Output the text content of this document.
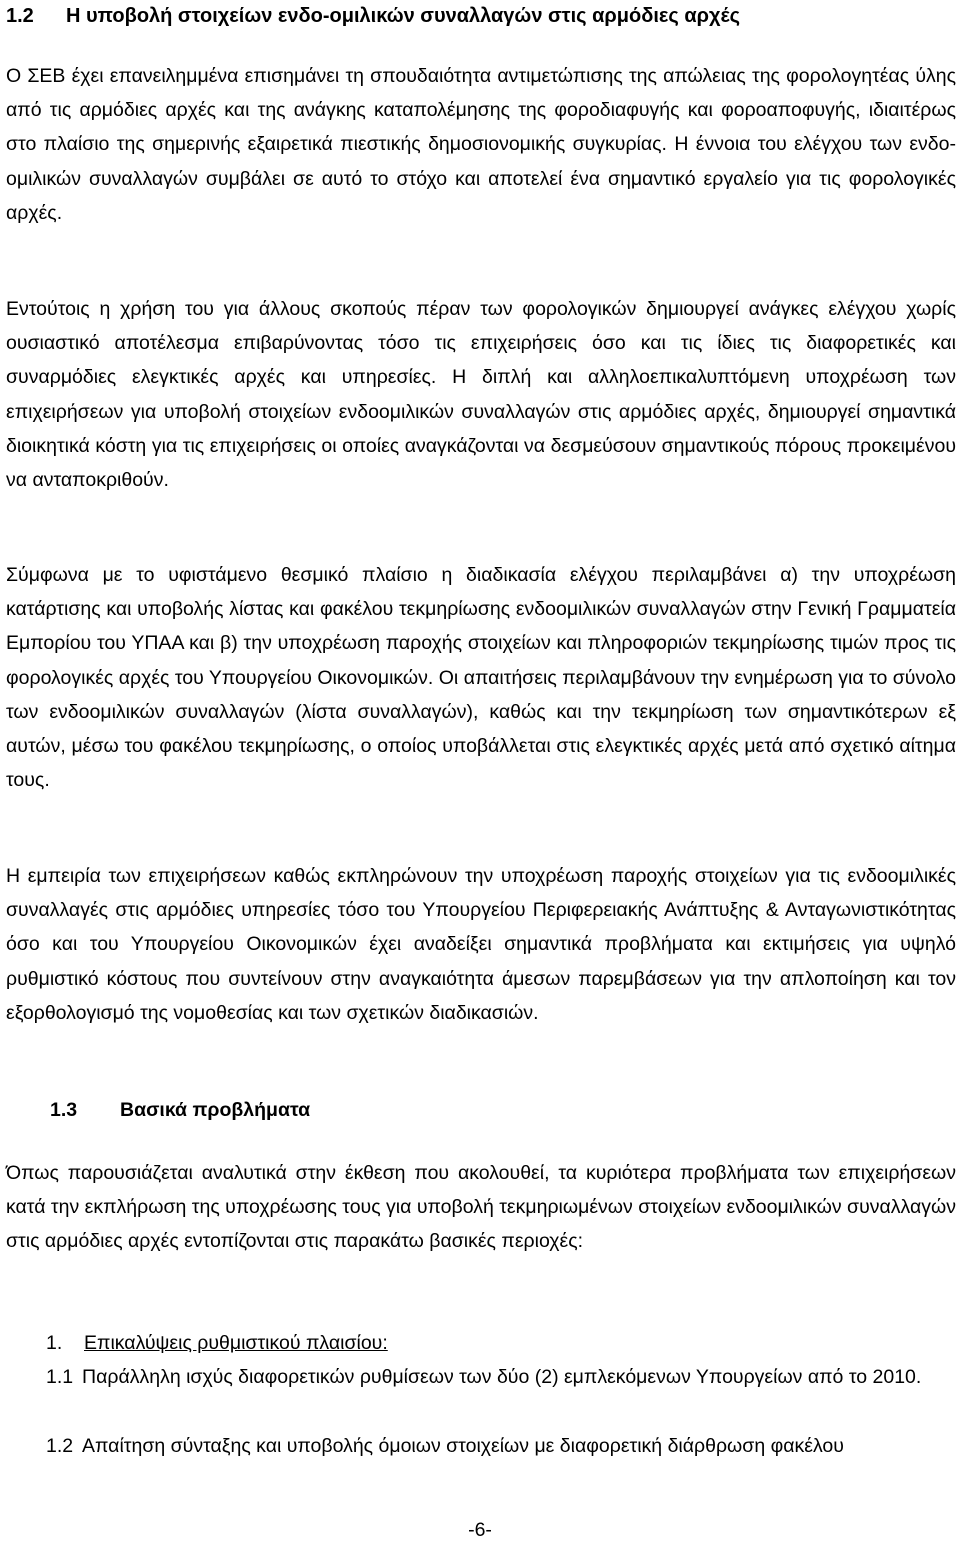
1.2 Η υποβολή στοιχείων ενδο-ομιλικών συναλλαγών στις αρμόδιες αρχές

Ο ΣΕΒ έχει επανειλημμένα επισημάνει τη σπουδαιότητα αντιμετώπισης της απώλειας της φορολογητέας ύλης από τις αρμόδιες αρχές και της ανάγκης καταπολέμησης της φοροδιαφυγής και φοροαποφυγής, ιδιαιτέρως στο πλαίσιο της σημερινής εξαιρετικά πιεστικής δημοσιονομικής συγκυρίας. Η έννοια του ελέγχου των ενδο-ομιλικών συναλλαγών συμβάλει σε αυτό το στόχο και αποτελεί ένα σημαντικό εργαλείο για τις φορολογικές αρχές.

Εντούτοις η χρήση του για άλλους σκοπούς πέραν των φορολογικών δημιουργεί ανάγκες ελέγχου χωρίς ουσιαστικό αποτέλεσμα επιβαρύνοντας τόσο τις επιχειρήσεις όσο και τις ίδιες τις διαφορετικές και συναρμόδιες ελεγκτικές αρχές και υπηρεσίες. Η διπλή και αλληλοεπικαλυπτόμενη υποχρέωση των επιχειρήσεων για υποβολή στοιχείων ενδοομιλικών συναλλαγών στις αρμόδιες αρχές, δημιουργεί σημαντικά διοικητικά κόστη για τις επιχειρήσεις οι οποίες αναγκάζονται να δεσμεύσουν σημαντικούς πόρους προκειμένου να ανταποκριθούν.

Σύμφωνα με το υφιστάμενο θεσμικό πλαίσιο η διαδικασία ελέγχου περιλαμβάνει α) την υποχρέωση κατάρτισης και υποβολής λίστας και φακέλου τεκμηρίωσης ενδοομιλικών συναλλαγών στην Γενική Γραμματεία Εμπορίου του ΥΠΑΑ και β) την υποχρέωση παροχής στοιχείων και πληροφοριών τεκμηρίωσης τιμών προς τις φορολογικές αρχές του Υπουργείου Οικονομικών. Οι απαιτήσεις περιλαμβάνουν την ενημέρωση για το σύνολο των ενδοομιλικών συναλλαγών (λίστα συναλλαγών), καθώς και την τεκμηρίωση των σημαντικότερων εξ αυτών, μέσω του φακέλου τεκμηρίωσης, ο οποίος υποβάλλεται στις ελεγκτικές αρχές μετά από σχετικό αίτημα τους.

Η εμπειρία των επιχειρήσεων καθώς εκπληρώνουν την υποχρέωση παροχής στοιχείων για τις ενδοομιλικές συναλλαγές στις αρμόδιες υπηρεσίες τόσο του Υπουργείου Περιφερειακής Ανάπτυξης & Ανταγωνιστικότητας όσο και του Υπουργείου Οικονομικών έχει αναδείξει σημαντικά προβλήματα και εκτιμήσεις για υψηλό ρυθμιστικό κόστους που συντείνουν στην αναγκαιότητα άμεσων παρεμβάσεων για την απλοποίηση και τον εξορθολογισμό της νομοθεσίας και των σχετικών διαδικασιών.

1.3 Βασικά προβλήματα

Όπως παρουσιάζεται αναλυτικά στην έκθεση που ακολουθεί, τα κυριότερα προβλήματα των επιχειρήσεων κατά την εκπλήρωση της υποχρέωσης τους για υποβολή τεκμηριωμένων στοιχείων ενδοομιλικών συναλλαγών στις αρμόδιες αρχές εντοπίζονται στις παρακάτω βασικές περιοχές:

1. Επικαλύψεις ρυθμιστικού πλαισίου:
1.1 Παράλληλη ισχύς διαφορετικών ρυθμίσεων των δύο (2) εμπλεκόμενων Υπουργείων από το 2010.
1.2 Απαίτηση σύνταξης και υποβολής όμοιων στοιχείων με διαφορετική διάρθρωση φακέλου
-6-
